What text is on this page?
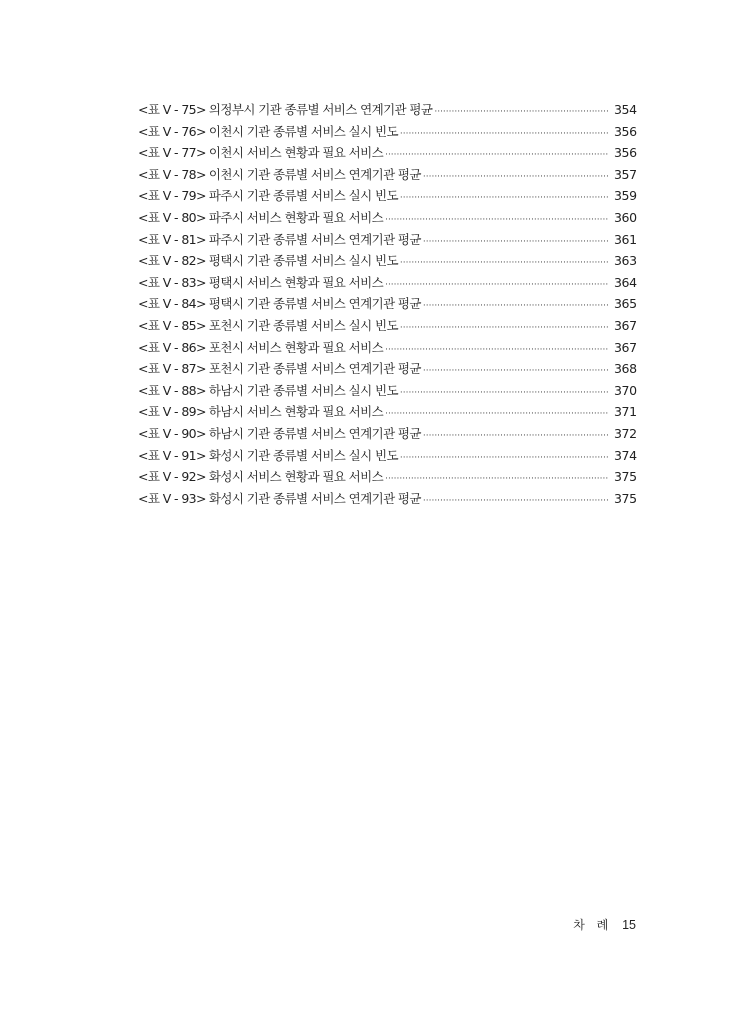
<표 Ⅴ - 75> 의정부시 기관 종류별 서비스 연계기관 평균 ·····	354
<표 Ⅴ - 76> 이천시 기관 종류별 서비스 실시 빈도 ·····	356
<표 Ⅴ - 77> 이천시 서비스 현황과 필요 서비스 ·····	356
<표 Ⅴ - 78> 이천시 기관 종류별 서비스 연계기관 평균 ·····	357
<표 Ⅴ - 79> 파주시 기관 종류별 서비스 실시 빈도 ·····	359
<표 Ⅴ - 80> 파주시 서비스 현황과 필요 서비스 ·····	360
<표 Ⅴ - 81> 파주시 기관 종류별 서비스 연계기관 평균 ·····	361
<표 Ⅴ - 82> 평택시 기관 종류별 서비스 실시 빈도 ·····	363
<표 Ⅴ - 83> 평택시 서비스 현황과 필요 서비스 ·····	364
<표 Ⅴ - 84> 평택시 기관 종류별 서비스 연계기관 평균 ·····	365
<표 Ⅴ - 85> 포천시 기관 종류별 서비스 실시 빈도 ·····	367
<표 Ⅴ - 86> 포천시 서비스 현황과 필요 서비스 ·····	367
<표 Ⅴ - 87> 포천시 기관 종류별 서비스 연계기관 평균 ·····	368
<표 Ⅴ - 88> 하남시 기관 종류별 서비스 실시 빈도 ·····	370
<표 Ⅴ - 89> 하남시 서비스 현황과 필요 서비스 ·····	371
<표 Ⅴ - 90> 하남시 기관 종류별 서비스 연계기관 평균 ·····	372
<표 Ⅴ - 91> 화성시 기관 종류별 서비스 실시 빈도 ·····	374
<표 Ⅴ - 92> 화성시 서비스 현황과 필요 서비스 ·····	375
<표 Ⅴ - 93> 화성시 기관 종류별 서비스 연계기관 평균 ·····	375
차 례 15
